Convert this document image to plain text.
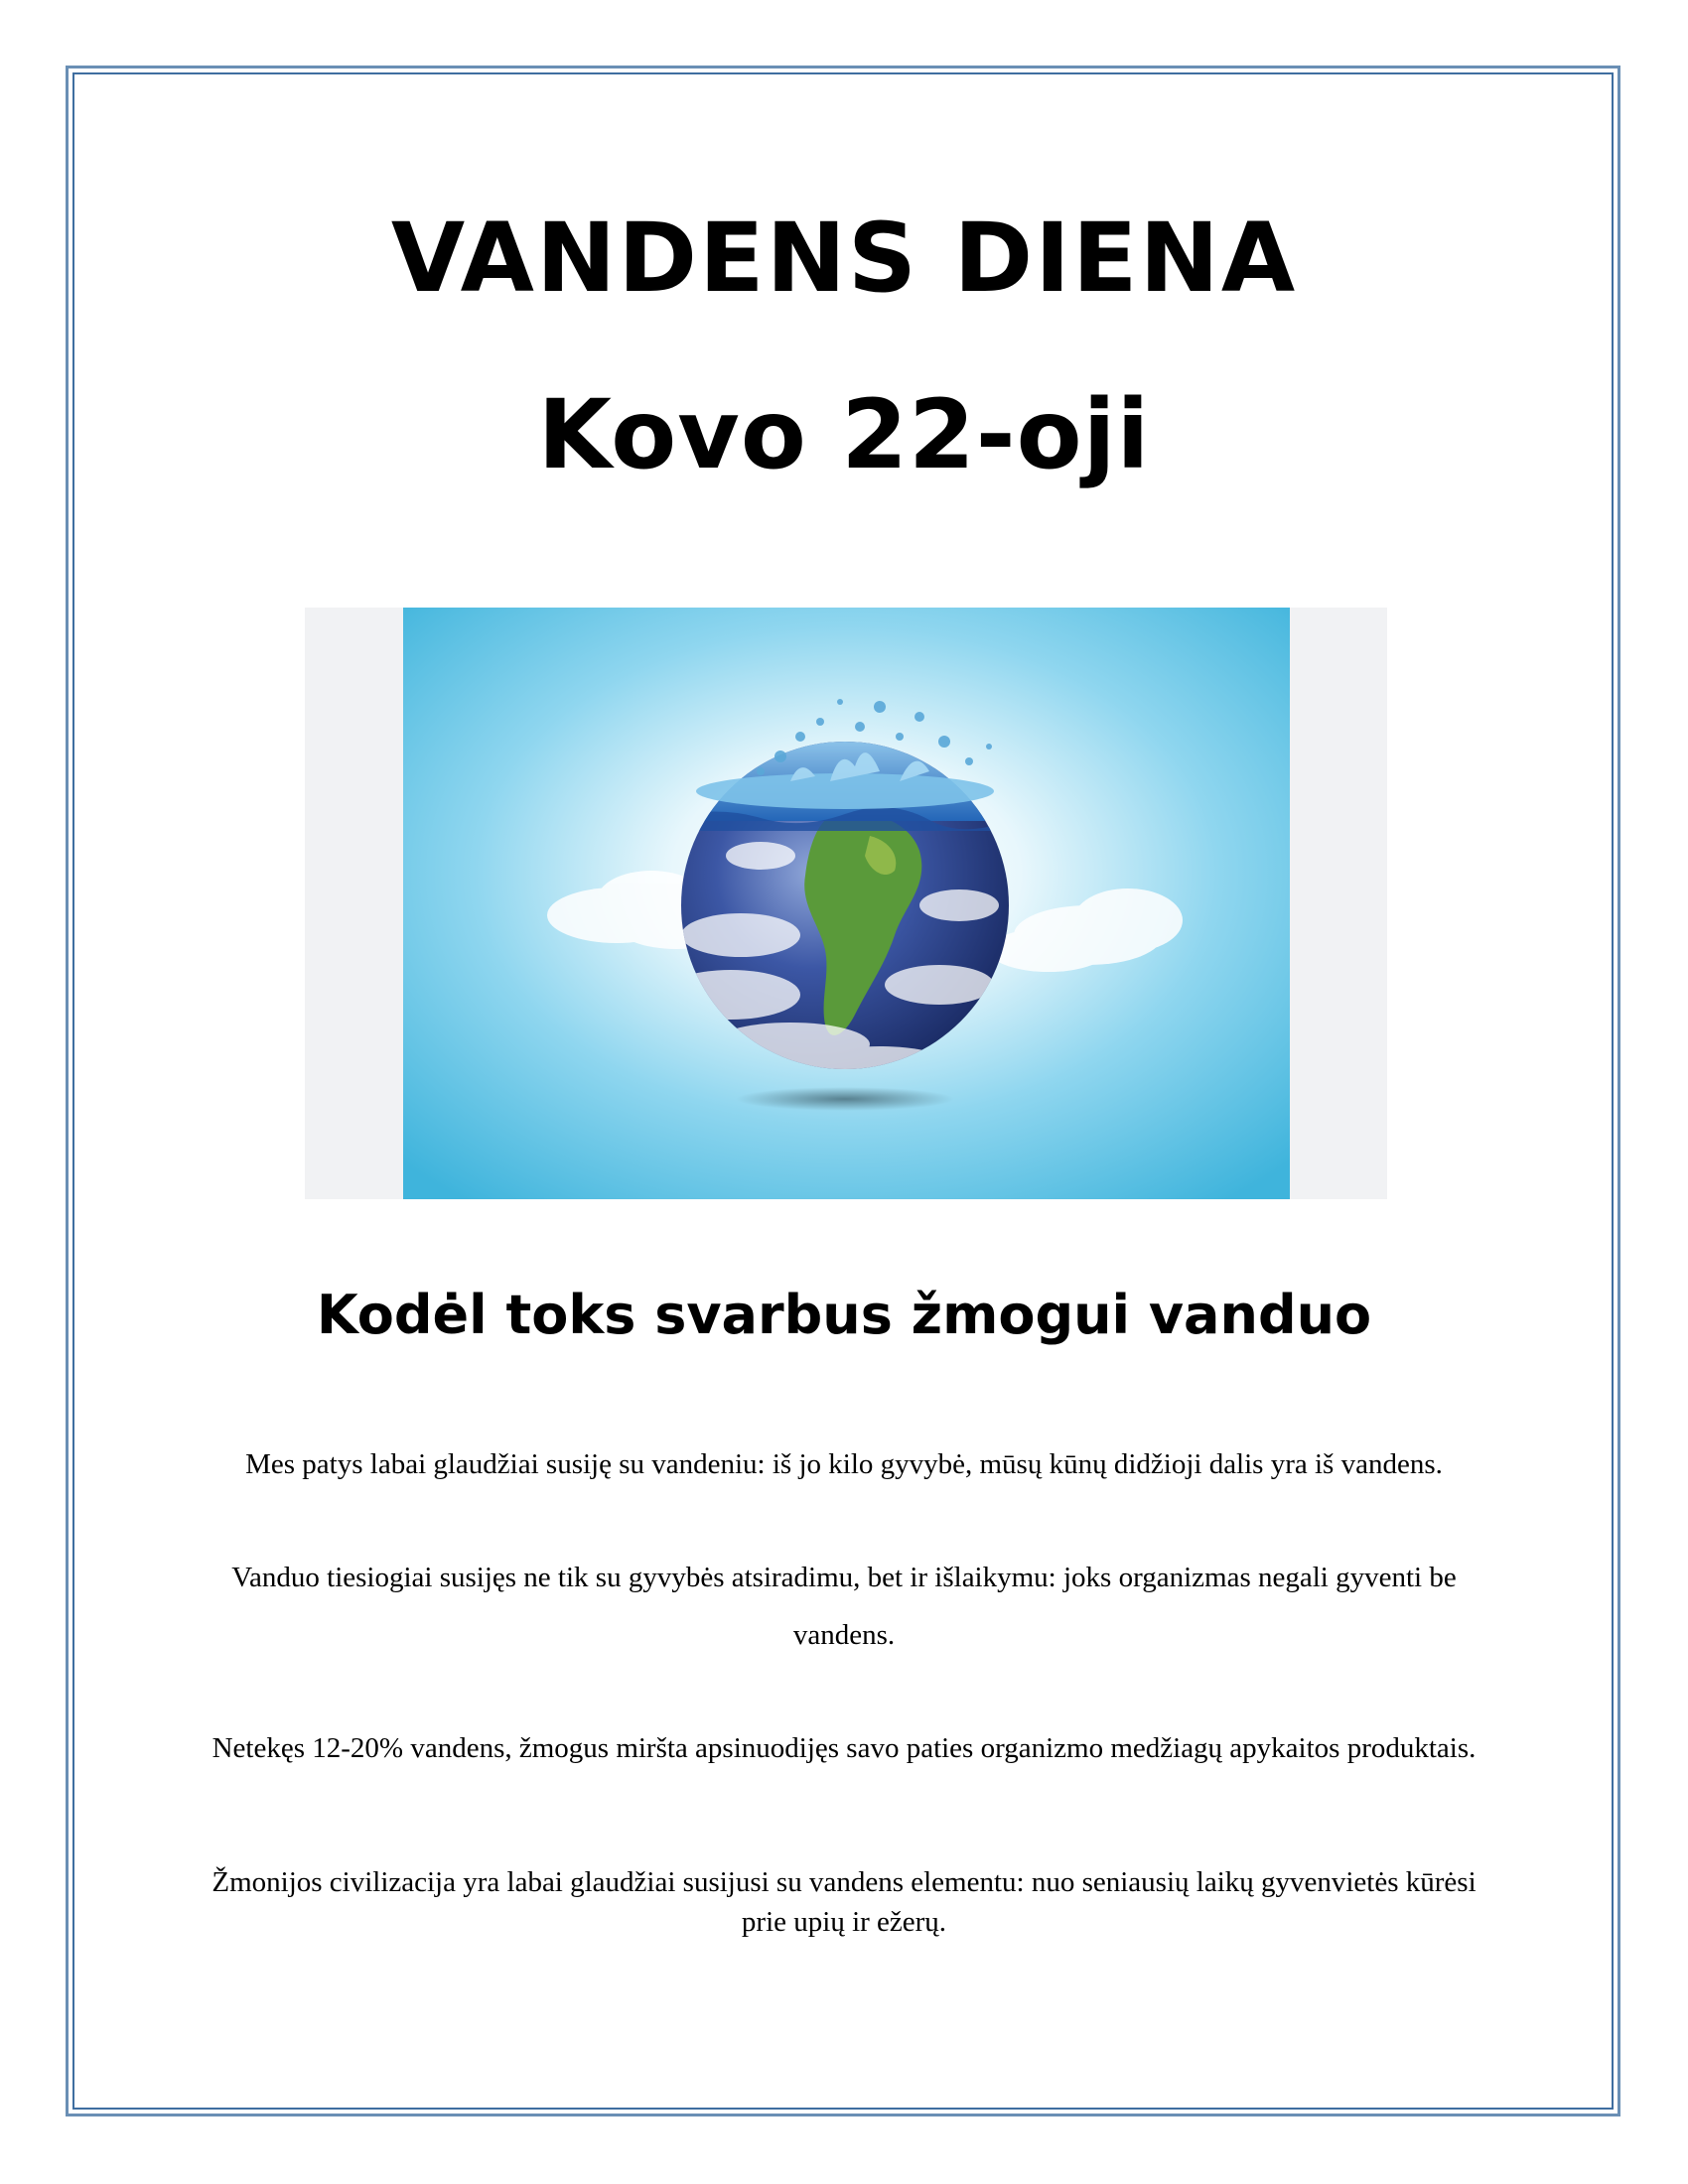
VANDENS DIENA
Kovo 22-oji
Kodėl toks svarbus žmogui vanduo

Mes patys labai glaudžiai susiję su vandeniu: iš jo kilo gyvybė, mūsų kūnų didžioji dalis yra iš vandens.

Vanduo tiesiogiai susijęs ne tik su gyvybės atsiradimu, bet ir išlaikymu: joks organizmas negali gyventi be vandens.

Netekęs 12-20% vandens, žmogus miršta apsinuodijęs savo paties organizmo medžiagų apykaitos produktais.

Žmonijos civilizacija yra labai glaudžiai susijusi su vandens elementu: nuo seniausių laikų gyvenvietės kūrėsi prie upių ir ežerų.
